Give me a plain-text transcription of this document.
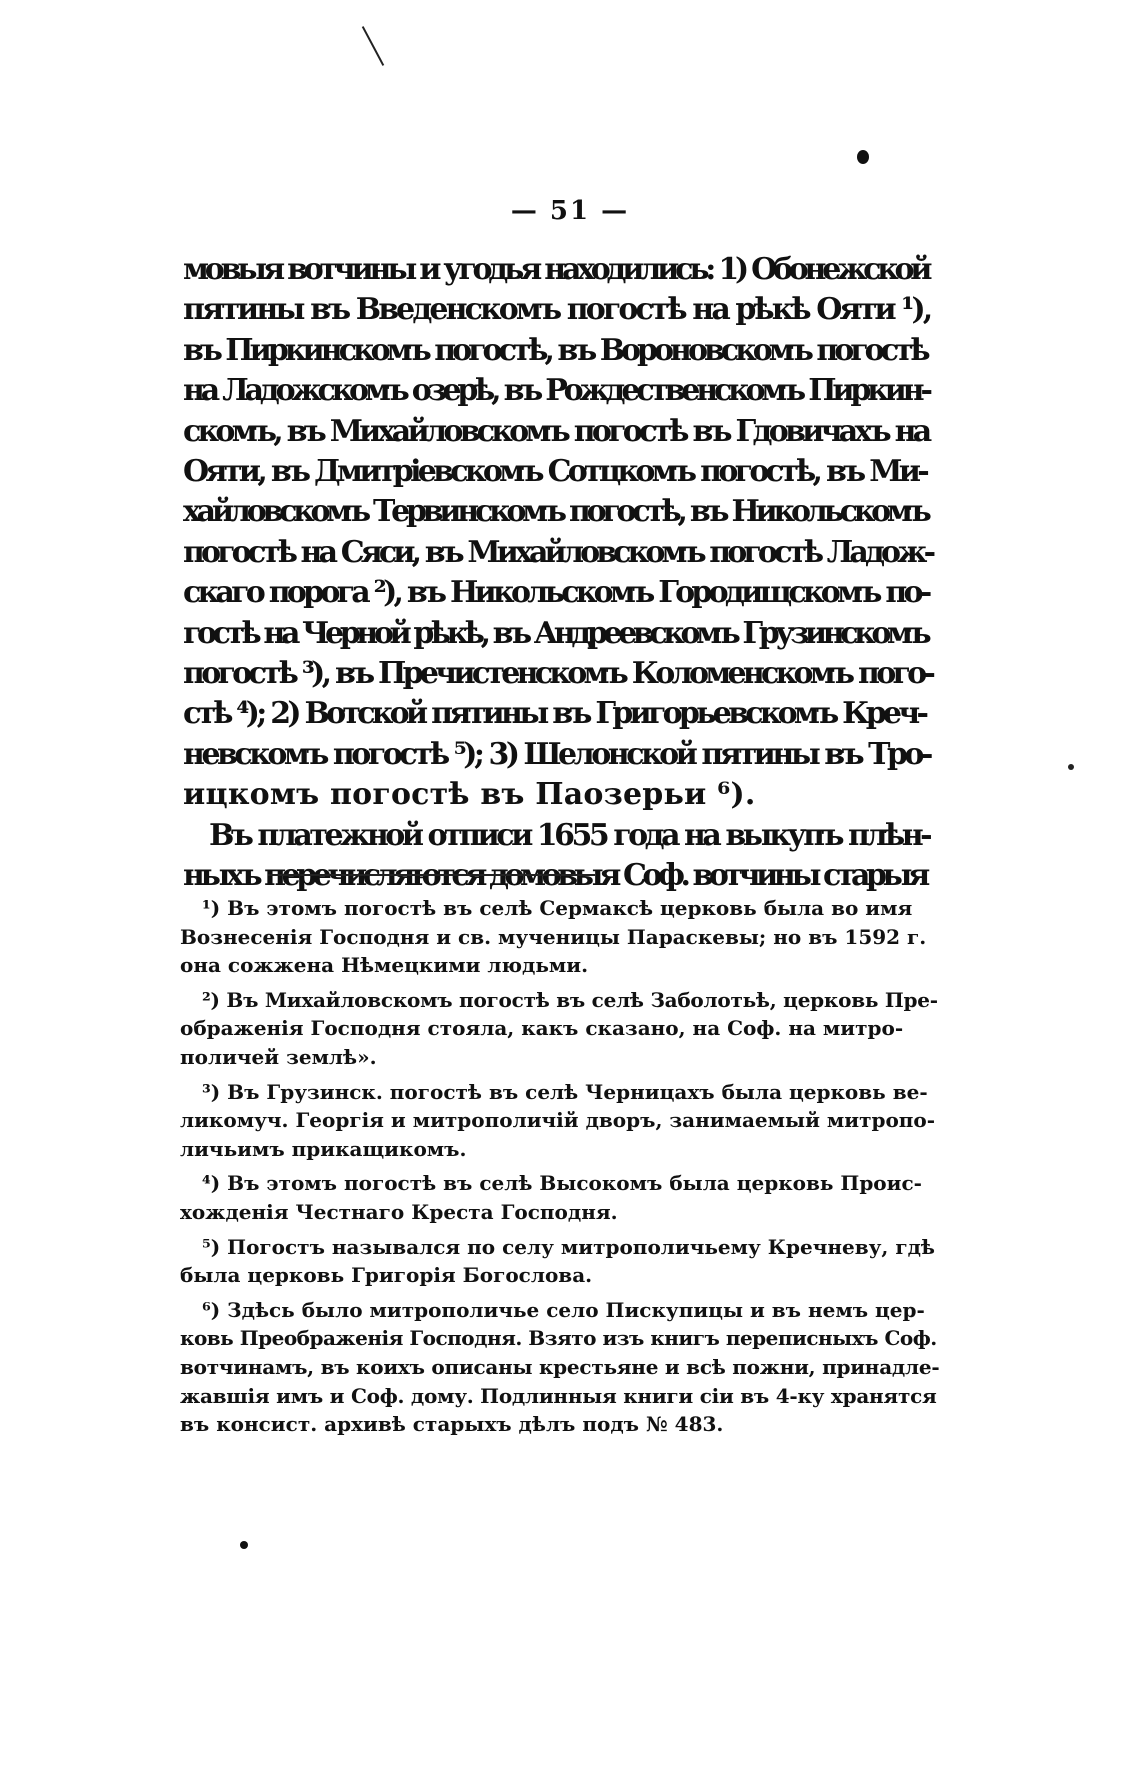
— 51 —
мовыя вотчины и угодья находились: 1) Обонежской
пятины въ Введенскомъ погостѣ на рѣкѣ Ояти ¹),
въ Пиркинскомъ погостѣ, въ Вороновскомъ погостѣ
на Ладожскомъ озерѣ, въ Рождественскомъ Пиркин-
скомъ, въ Михайловскомъ погостѣ въ Гдовичахъ на
Ояти, въ Дмитріевскомъ Сотцкомъ погостѣ, въ Ми-
хайловскомъ Тервинскомъ погостѣ, въ Никольскомъ
погостѣ на Сяси, въ Михайловскомъ погостѣ Ладож-
скаго порога ²), въ Никольскомъ Городищскомъ по-
гостѣ на Черной рѣкѣ, въ Андреевскомъ Грузинскомъ
погостѣ ³), въ Пречистенскомъ Коломенскомъ пого-
стѣ ⁴); 2) Вотской пятины въ Григорьевскомъ Креч-
невскомъ погостѣ ⁵); 3) Шелонской пятины въ Тро-
ицкомъ погостѣ въ Паозерьи ⁶).
Въ платежной отписи 1655 года на выкупъ плѣн-
ныхъ перечисляются домовыя Соф. вотчины старыя
¹) Въ этомъ погостѣ въ селѣ Сермаксѣ церковь была во имя
Вознесенія Господня и св. мученицы Параскевы; но въ 1592 г.
она сожжена Нѣмецкими людьми.
²) Въ Михайловскомъ погостѣ въ селѣ Заболотьѣ, церковь Пре-
ображенія Господня стояла, какъ сказано, на Соф. на митро-
поличей землѣ».
³) Въ Грузинск. погостѣ въ селѣ Черницахъ была церковь ве-
ликомуч. Георгія и митрополичій дворъ, занимаемый митропо-
личьимъ прикащикомъ.
⁴) Въ этомъ погостѣ въ селѣ Высокомъ была церковь Проис-
хожденія Честнаго Креста Господня.
⁵) Погостъ назывался по селу митрополичьему Кречневу, гдѣ
была церковь Григорія Богослова.
⁶) Здѣсь было митрополичье село Пискупицы и въ немъ цер-
ковь Преображенія Господня. Взято изъ книгъ переписныхъ Соф.
вотчинамъ, въ коихъ описаны крестьяне и всѣ пожни, принадле-
жавшія имъ и Соф. дому. Подлинныя книги сіи въ 4-ку хранятся
въ консист. архивѣ старыхъ дѣлъ подъ № 483.
